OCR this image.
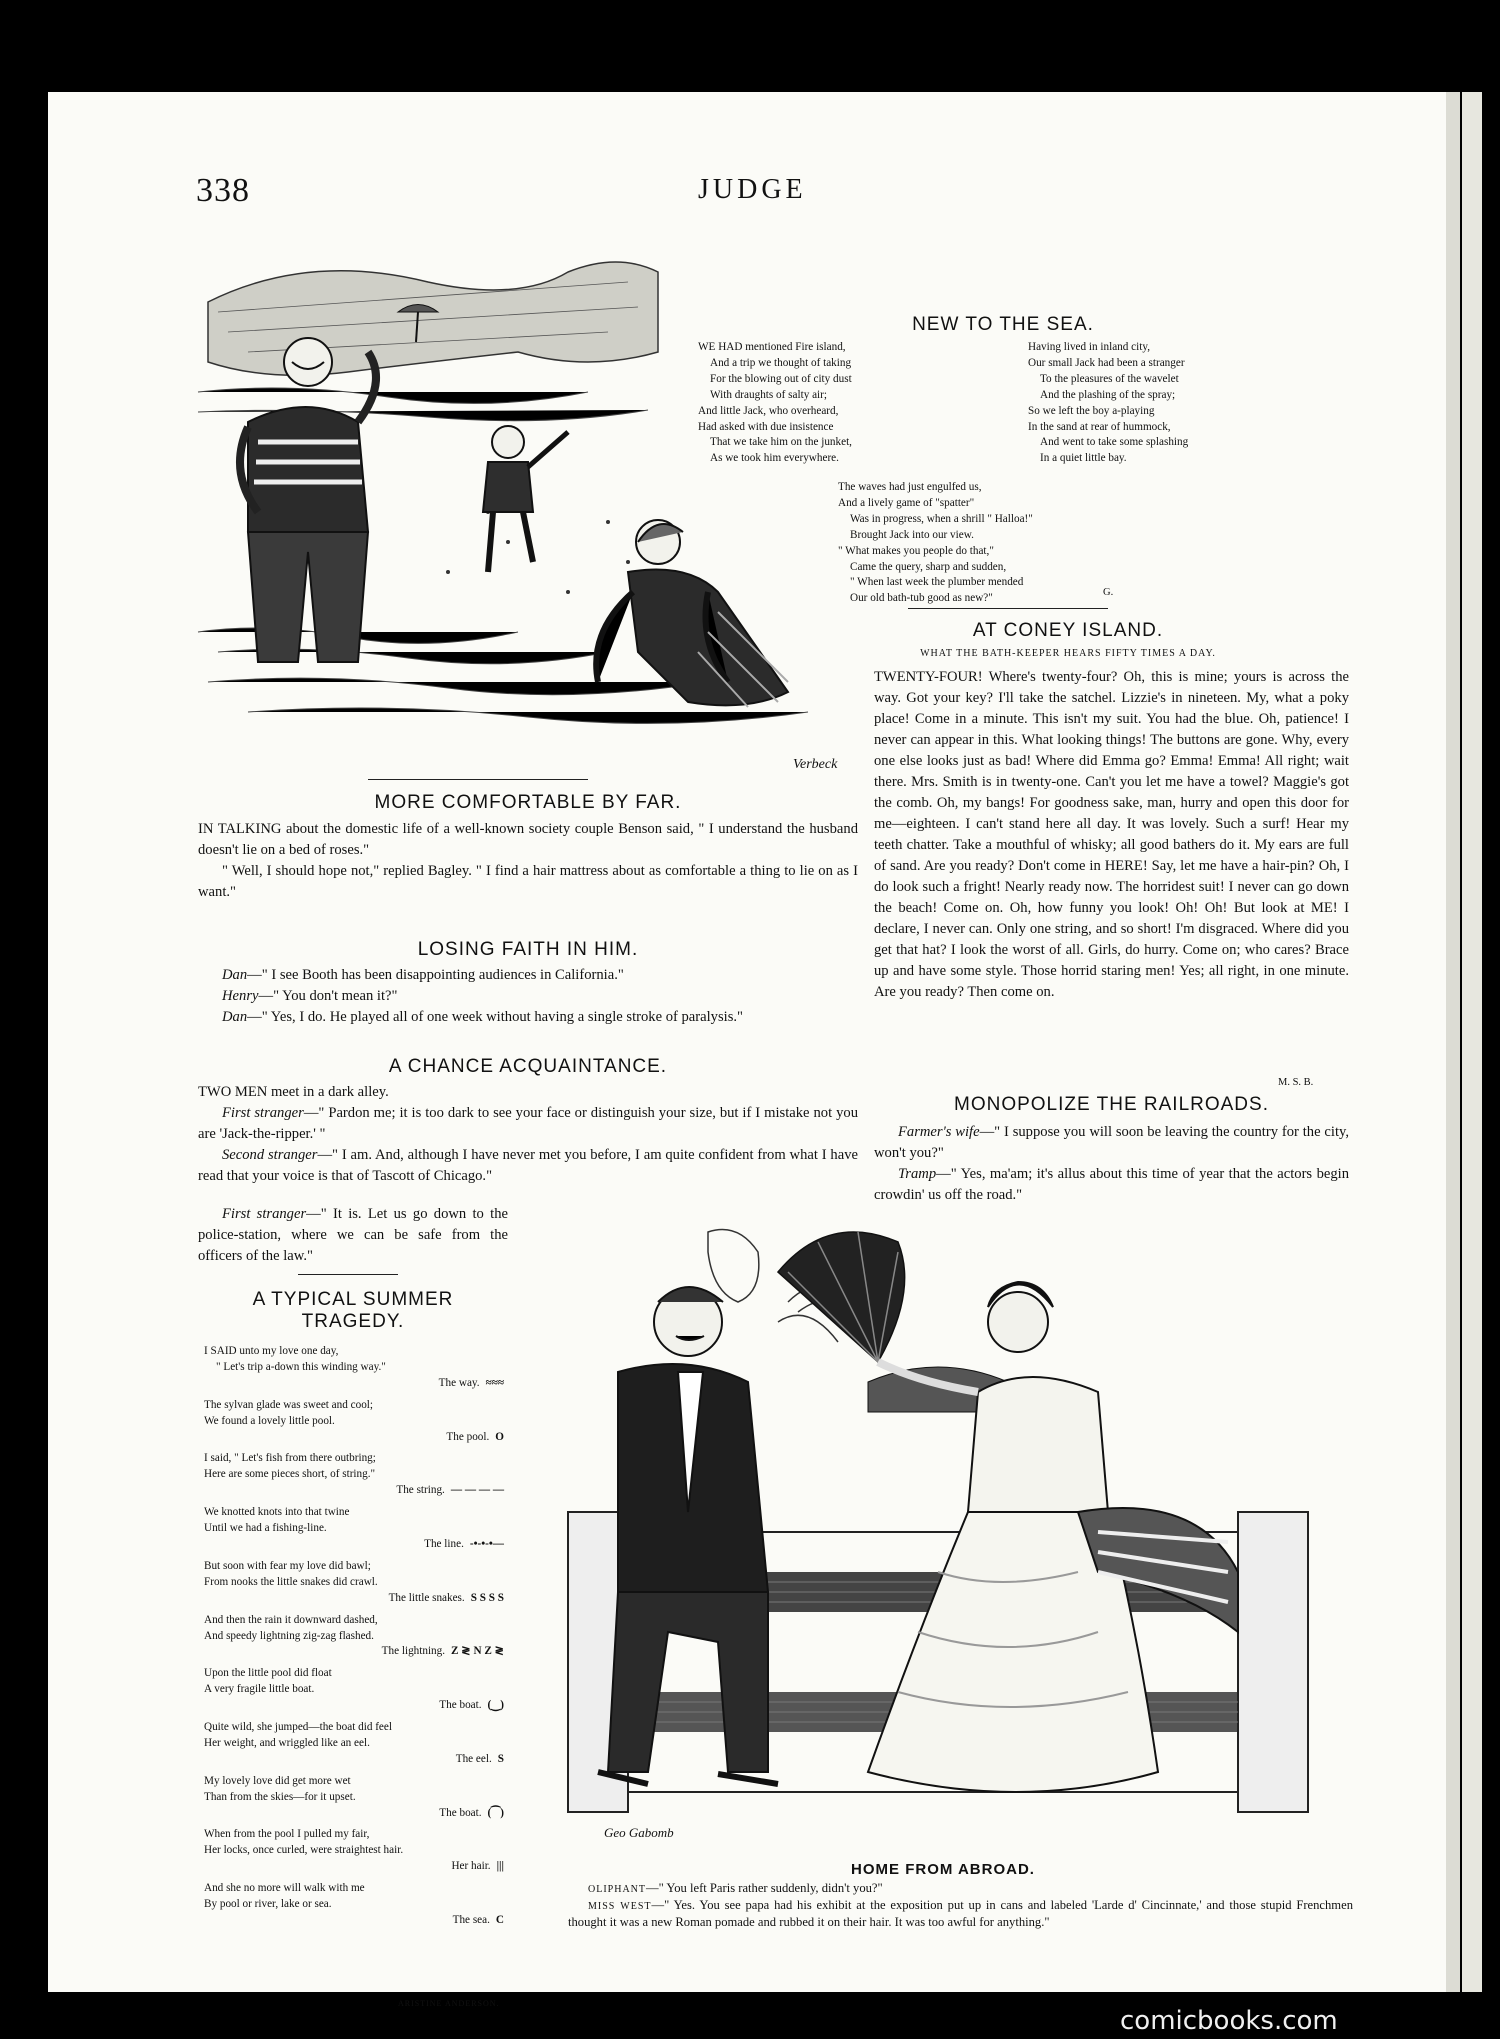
338	JUDGE
Verbeck
NEW TO THE SEA.
WE HAD mentioned Fire island,
And a trip we thought of taking
For the blowing out of city dust
With draughts of salty air;
And little Jack, who overheard,
Had asked with due insistence
That we take him on the junket,
As we took him everywhere.
Having lived in inland city,
Our small Jack had been a stranger
To the pleasures of the wavelet
And the plashing of the spray;
So we left the boy a-playing
In the sand at rear of hummock,
And went to take some splashing
In a quiet little bay.
The waves had just engulfed us,
And a lively game of "spatter"
Was in progress, when a shrill " Halloa!"
Brought Jack into our view.
" What makes you people do that,"
Came the query, sharp and sudden,
" When last week the plumber mended
Our old bath-tub good as new?"	G.
AT CONEY ISLAND.
WHAT THE BATH-KEEPER HEARS FIFTY TIMES A DAY.

TWENTY-FOUR! Where's twenty-four? Oh, this is mine; yours is across the way. Got your key? I'll take the satchel. Lizzie's in nineteen. My, what a poky place! Come in a minute. This isn't my suit. You had the blue. Oh, patience! I never can appear in this. What looking things! The buttons are gone. Why, every one else looks just as bad! Where did Emma go? Emma! Emma! All right; wait there. Mrs. Smith is in twenty-one. Can't you let me have a towel? Maggie's got the comb. Oh, my bangs! For goodness sake, man, hurry and open this door for me—eighteen. I can't stand here all day. It was lovely. Such a surf! Hear my teeth chatter. Take a mouthful of whisky; all good bathers do it. My ears are full of sand. Are you ready? Don't come in HERE! Say, let me have a hair-pin? Oh, I do look such a fright! Nearly ready now. The horridest suit! I never can go down the beach! Come on. Oh, how funny you look! Oh! Oh! But look at ME! I declare, I never can. Only one string, and so short! I'm disgraced. Where did you get that hat? I look the worst of all. Girls, do hurry. Come on; who cares? Brace up and have some style. Those horrid staring men! Yes; all right, in one minute. Are you ready? Then come on.

M. S. B.
MORE COMFORTABLE BY FAR.

IN TALKING about the domestic life of a well-known society couple Benson said, " I understand the husband doesn't lie on a bed of roses."

" Well, I should hope not," replied Bagley. " I find a hair mattress about as comfortable a thing to lie on as I want."

LOSING FAITH IN HIM.

Dan—" I see Booth has been disappointing audiences in California."

Henry—" You don't mean it?"

Dan—" Yes, I do. He played all of one week without having a single stroke of paralysis."

A CHANCE ACQUAINTANCE.

TWO MEN meet in a dark alley.

First stranger—" Pardon me; it is too dark to see your face or distinguish your size, but if I mistake not you are 'Jack-the-ripper.' "

Second stranger—" I am. And, although I have never met you before, I am quite confident from what I have read that your voice is that of Tascott of Chicago."

First stranger—" It is. Let us go down to the police-station, where we can be safe from the officers of the law."

MONOPOLIZE THE RAILROADS.

Farmer's wife—" I suppose you will soon be leaving the country for the city, won't you?"

Tramp—" Yes, ma'am; it's allus about this time of year that the actors begin crowdin' us off the road."

A TYPICAL SUMMER
TRAGEDY.
I SAID unto my love one day,
" Let's trip a-down this winding way."
The way. ≈≈≈
The sylvan glade was sweet and cool;
We found a lovely little pool.
The pool. O
I said, " Let's fish from there outbring;
Here are some pieces short, of string."
The string. — — — —
We knotted knots into that twine
Until we had a fishing-line.
The line. -•-•-•—
But soon with fear my love did bawl;
From nooks the little snakes did crawl.
The little snakes. S S S S
And then the rain it downward dashed,
And speedy lightning zig-zag flashed.
The lightning. Z ≷ N Z ≷
Upon the little pool did float
A very fragile little boat.
The boat. (‿)
Quite wild, she jumped—the boat did feel
Her weight, and wriggled like an eel.
The eel. S
My lovely love did get more wet
Than from the skies—for it upset.
The boat. (⁀)
When from the pool I pulled my fair,
Her locks, once curled, were straightest hair.
Her hair. |||
And she no more will walk with me
By pool or river, lake or sea.
The sea. C
ARISTINE ANDERSON.
Geo Gabomb
HOME FROM ABROAD.

OLIPHANT—" You left Paris rather suddenly, didn't you?"

MISS WEST—" Yes. You see papa had his exhibit at the exposition put up in cans and labeled 'Larde d' Cincinnate,' and those stupid Frenchmen thought it was a new Roman pomade and rubbed it on their hair. It was too awful for anything."

comicbooks.com
